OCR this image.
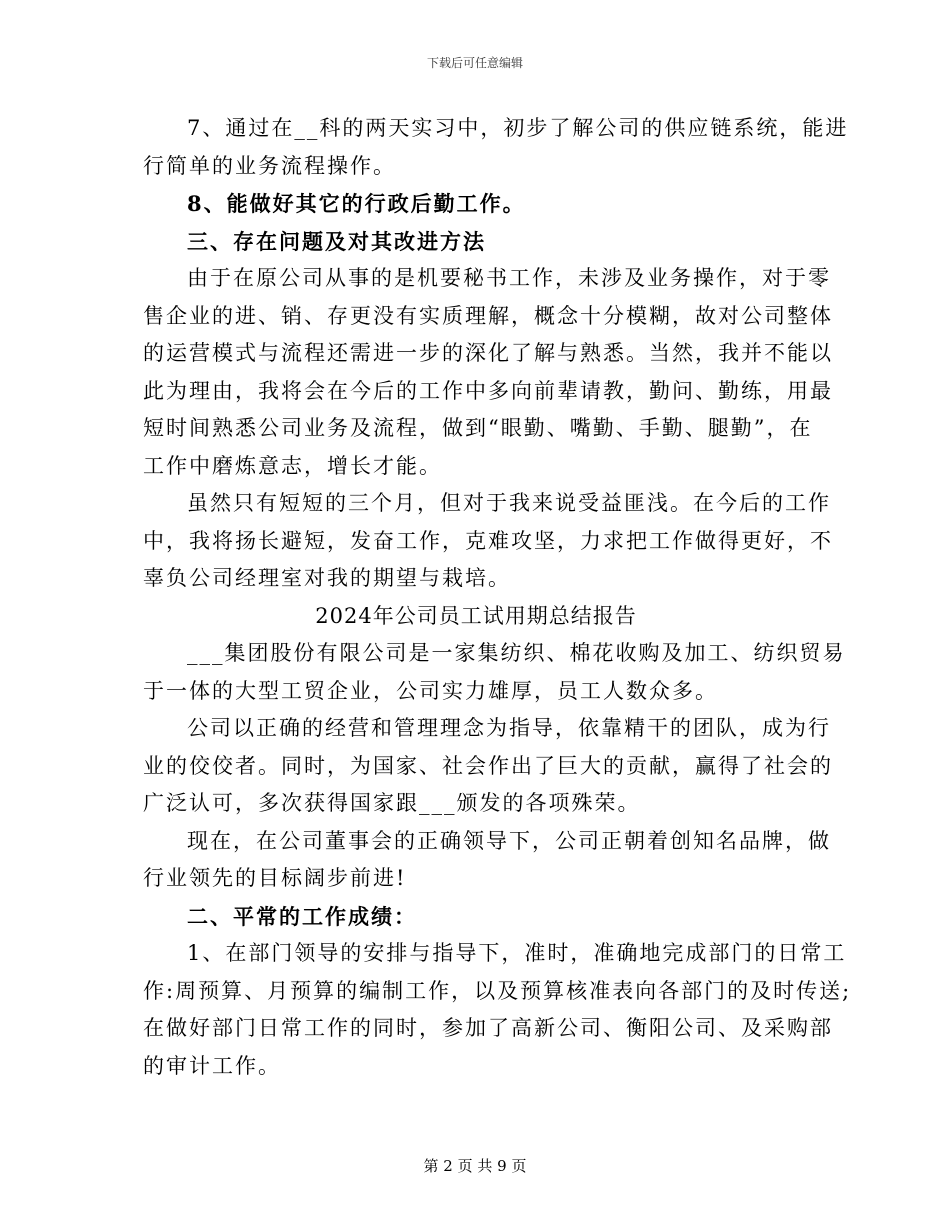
下载后可任意编辑
7、通过在__科的两天实习中，初步了解公司的供应链系统，能进
行简单的业务流程操作。
8、能做好其它的行政后勤工作。
三、存在问题及对其改进方法
由于在原公司从事的是机要秘书工作，未涉及业务操作，对于零
售企业的进、销、存更没有实质理解，概念十分模糊，故对公司整体
的运营模式与流程还需进一步的深化了解与熟悉。当然，我并不能以
此为理由，我将会在今后的工作中多向前辈请教，勤问、勤练，用最
短时间熟悉公司业务及流程，做到“眼勤、嘴勤、手勤、腿勤”，在
工作中磨炼意志，增长才能。
虽然只有短短的三个月，但对于我来说受益匪浅。在今后的工作
中，我将扬长避短，发奋工作，克难攻坚，力求把工作做得更好，不
辜负公司经理室对我的期望与栽培。
2024年公司员工试用期总结报告
___集团股份有限公司是一家集纺织、棉花收购及加工、纺织贸易
于一体的大型工贸企业，公司实力雄厚，员工人数众多。
公司以正确的经营和管理理念为指导，依靠精干的团队，成为行
业的佼佼者。同时，为国家、社会作出了巨大的贡献，赢得了社会的
广泛认可，多次获得国家跟___颁发的各项殊荣。
现在，在公司董事会的正确领导下，公司正朝着创知名品牌，做
行业领先的目标阔步前进!
二、平常的工作成绩：
1、在部门领导的安排与指导下，准时，准确地完成部门的日常工
作:周预算、月预算的编制工作，以及预算核准表向各部门的及时传送;
在做好部门日常工作的同时，参加了高新公司、衡阳公司、及采购部
的审计工作。
第 2 页 共 9 页
